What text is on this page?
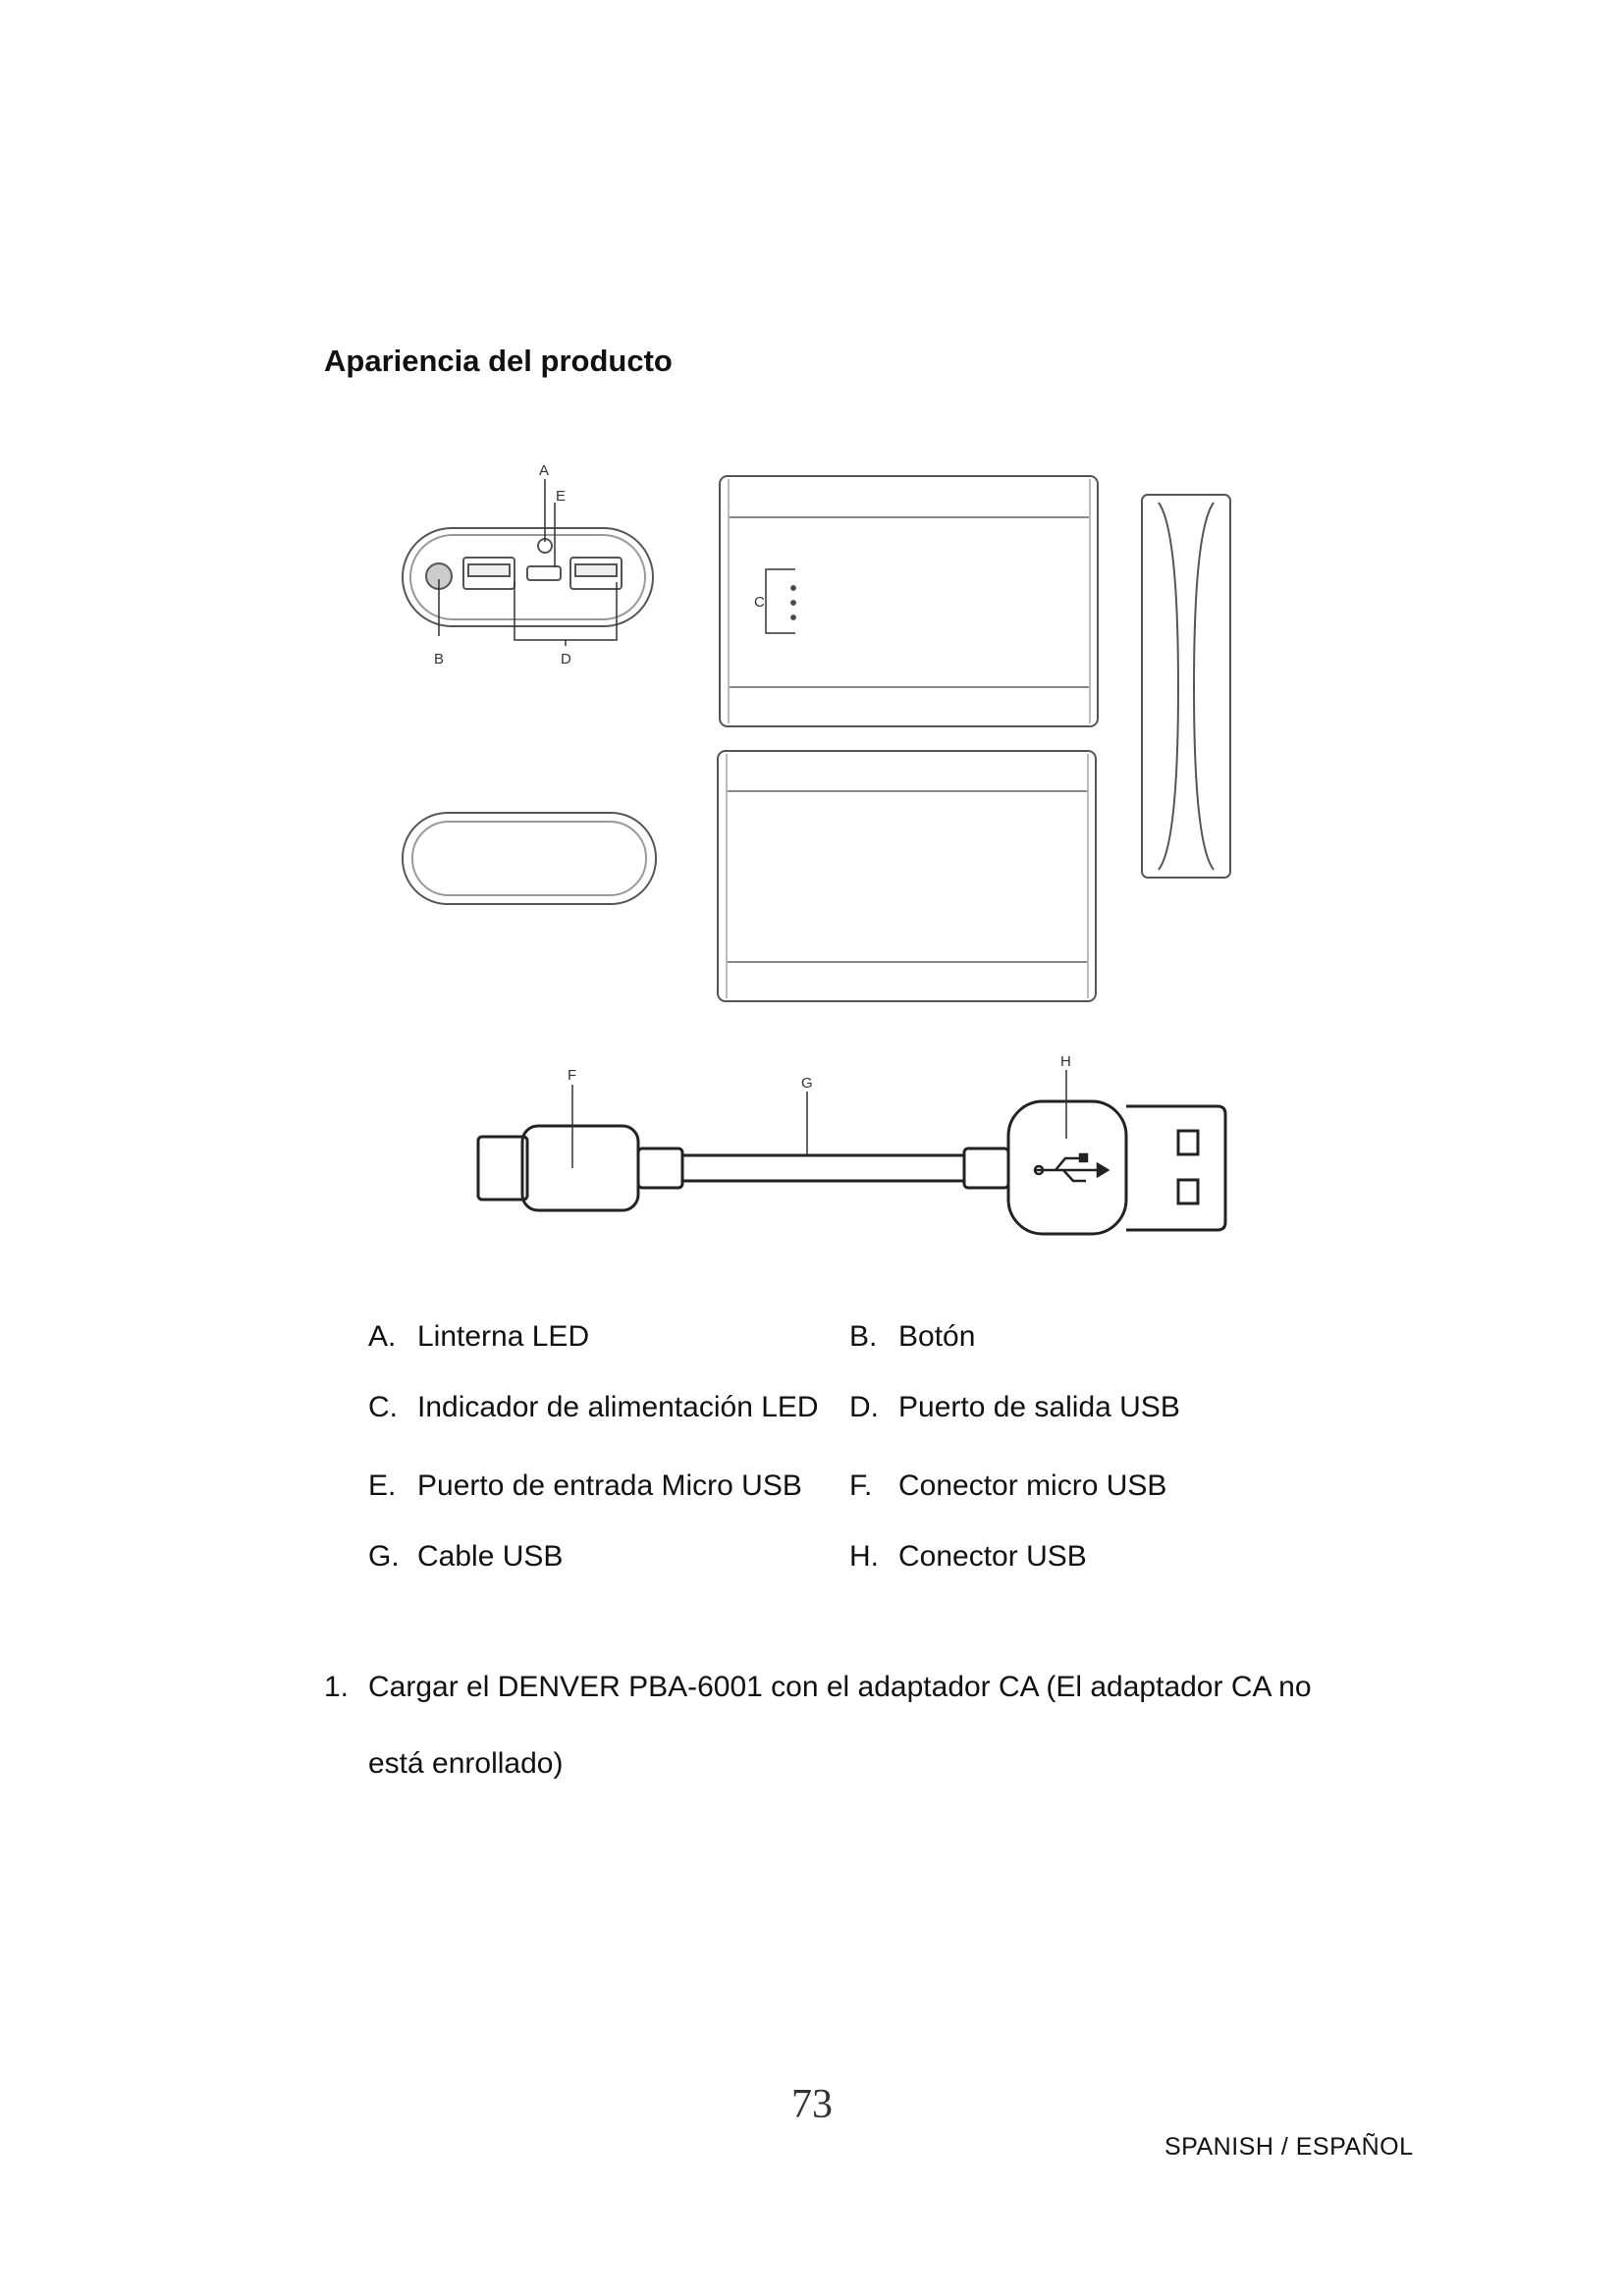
Apariencia del producto
A
E
B	D
C
F	G
H
A. Linterna LED	B. Botón
C. Indicador de alimentación LED D. Puerto de salida USB
E. Puerto de entrada Micro USB F. Conector micro USB
G. Cable USB	H. Conector USB
1. Cargar el DENVER PBA-6001 con el adaptador CA (El adaptador CA no está enrollado)
73
SPANISH / ESPAÑOL
